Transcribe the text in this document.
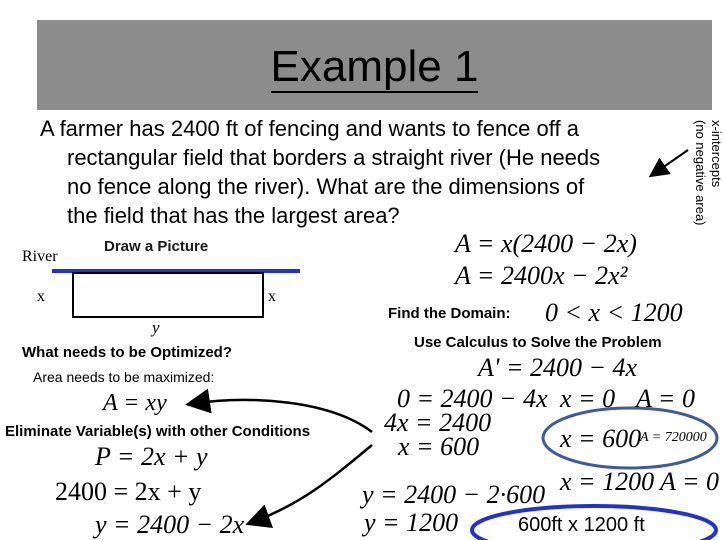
Example 1
A farmer has 2400 ft of fencing and wants to fence off a
rectangular field that borders a straight river (He needs
no fence along the river). What are the dimensions of
the field that has the largest area?
x-intercepts
(no negative area)
River
Draw a Picture
x	x
y
What needs to be Optimized?
Area needs to be maximized:
A = xy
Eliminate Variable(s) with other Conditions
P = 2x + y
2400 = 2x + y
y = 2400 − 2x
A = x(2400 − 2x)
A = 2400x − 2x²
Find the Domain: 0 < x < 1200
Use Calculus to Solve the Problem
A' = 2400 − 4x
0 = 2400 − 4x x = 0 A = 0
4x = 2400
x = 600	x = 600
A = 720000
x = 1200 A = 0
y = 2400 − 2·600
y = 1200	600ft x 1200 ft
